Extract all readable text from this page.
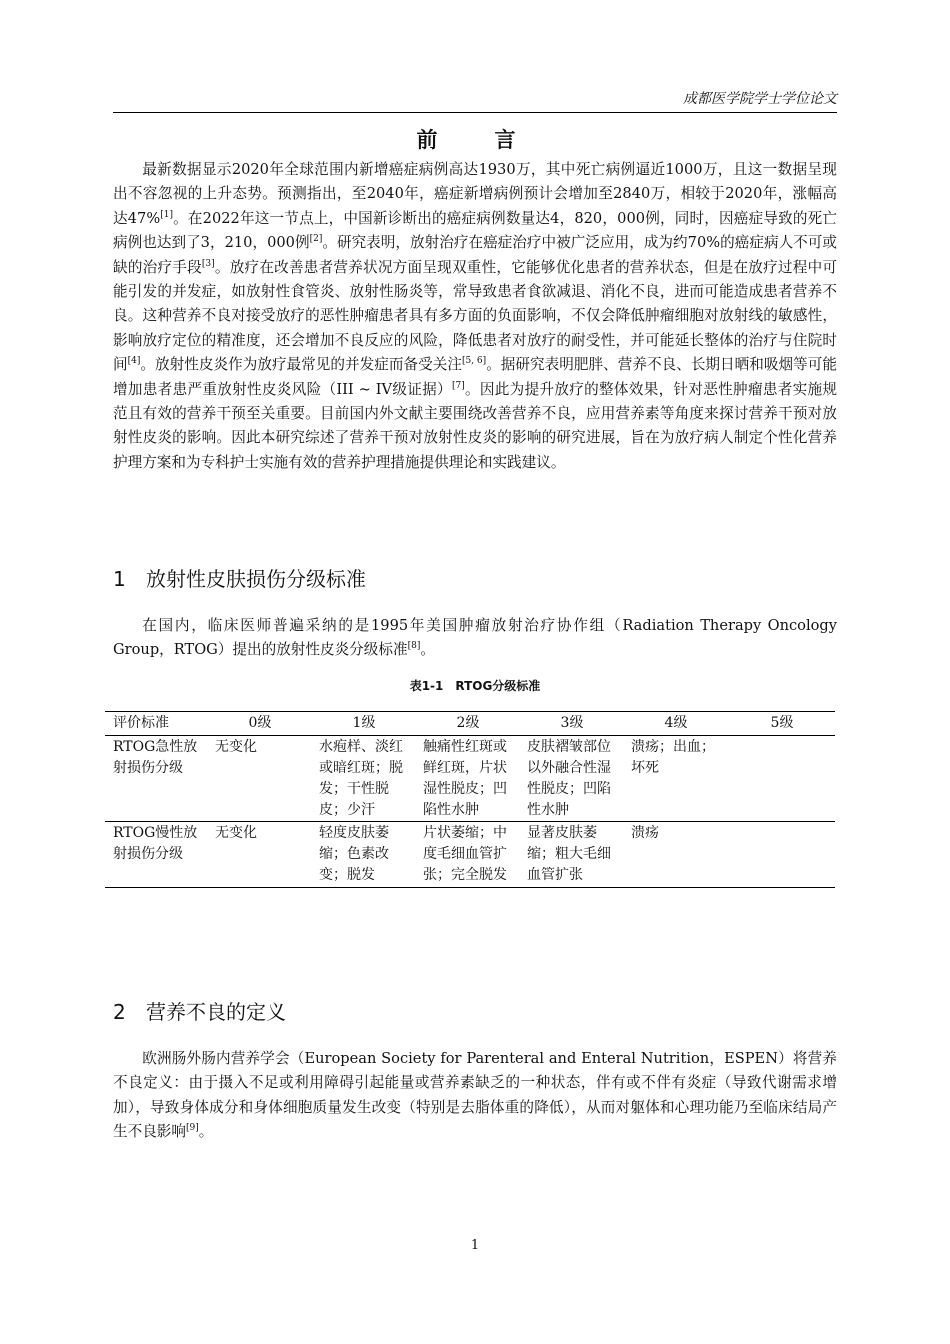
成都医学院学士学位论文
前　言

最新数据显示2020年全球范围内新增癌症病例高达1930万，其中死亡病例逼近1000万，且这一数据呈现出不容忽视的上升态势。预测指出，至2040年，癌症新增病例预计会增加至2840万，相较于2020年，涨幅高达47%[1]。在2022年这一节点上，中国新诊断出的癌症病例数量达4，820，000例，同时，因癌症导致的死亡病例也达到了3，210，000例[2]。研究表明，放射治疗在癌症治疗中被广泛应用，成为约70%的癌症病人不可或缺的治疗手段[3]。放疗在改善患者营养状况方面呈现双重性，它能够优化患者的营养状态，但是在放疗过程中可能引发的并发症，如放射性食管炎、放射性肠炎等，常导致患者食欲减退、消化不良，进而可能造成患者营养不良。这种营养不良对接受放疗的恶性肿瘤患者具有多方面的负面影响，不仅会降低肿瘤细胞对放射线的敏感性，影响放疗定位的精准度，还会增加不良反应的风险，降低患者对放疗的耐受性，并可能延长整体的治疗与住院时间[4]。放射性皮炎作为放疗最常见的并发症而备受关注[5, 6]。据研究表明肥胖、营养不良、长期日晒和吸烟等可能增加患者患严重放射性皮炎风险（III ~ IV级证据）[7]。因此为提升放疗的整体效果，针对恶性肿瘤患者实施规范且有效的营养干预至关重要。目前国内外文献主要围绕改善营养不良，应用营养素等角度来探讨营养干预对放射性皮炎的影响。因此本研究综述了营养干预对放射性皮炎的影响的研究进展，旨在为放疗病人制定个性化营养护理方案和为专科护士实施有效的营养护理措施提供理论和实践建议。

1 放射性皮肤损伤分级标准

在国内，临床医师普遍采纳的是1995年美国肿瘤放射治疗协作组（Radiation Therapy Oncology Group，RTOG）提出的放射性皮炎分级标准[8]。

表1-1　RTOG分级标准
评价标准	0级	1级	2级	3级	4级	5级
RTOG急性放射损伤分级	无变化	水疱样、淡红或暗红斑；脱发；干性脱皮；少汗	触痛性红斑或鲜红斑，片状湿性脱皮；凹陷性水肿	皮肤褶皱部位以外融合性湿性脱皮；凹陷性水肿	溃疡；出血；坏死	
RTOG慢性放射损伤分级	无变化	轻度皮肤萎缩；色素改变；脱发	片状萎缩；中度毛细血管扩张；完全脱发	显著皮肤萎缩；粗大毛细血管扩张	溃疡	
2 营养不良的定义

欧洲肠外肠内营养学会（European Society for Parenteral and Enteral Nutrition，ESPEN）将营养不良定义：由于摄入不足或利用障碍引起能量或营养素缺乏的一种状态，伴有或不伴有炎症（导致代谢需求增加），导致身体成分和身体细胞质量发生改变（特别是去脂体重的降低），从而对躯体和心理功能乃至临床结局产生不良影响[9]。

1
